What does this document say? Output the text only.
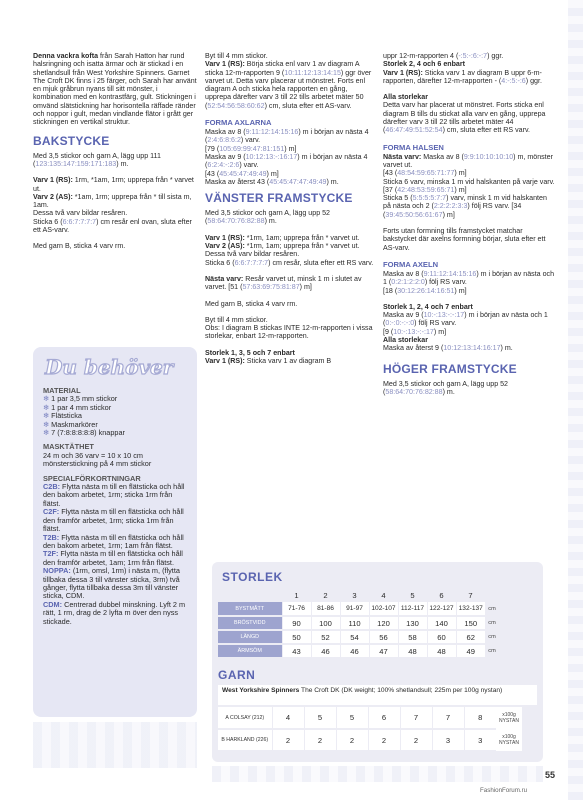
Denna vackra kofta från Sarah Hatton har rund halsringning och isatta ärmar och är stickad i en shetlandsull från West Yorkshire Spinners. Garnet The Croft DK finns i 25 färger, och Sarah har använt en mjuk gråbrun nyans till sitt mönster, i kombination med en kontrastfärg, gult. Stickningen i omvänd slätstickning har horisontella räffade ränder och noppor i gult, medan vindlande flätor i grått ger stickningen en vertikal struktur.
BAKSTYCKE
Med 3,5 stickor och garn A, lägg upp 111 (123:135:147:159:171:183) m.
Varv 1 (RS): 1rm, *1am, 1rm; upprepa från * varvet ut.
Varv 2 (AS): *1am, 1rm; upprepa från * till sista m, 1am.
Dessa två varv bildar resåren.
Sticka 6 (6:6:7:7:7:7) cm resår enl ovan, sluta efter ett AS-varv.
Med garn B, sticka 4 varv rm.
Du behöver
MATERIAL
❄ 1 par 3,5 mm stickor
❄ 1 par 4 mm stickor
❄ Flätsticka
❄ Maskmarkörer
❄ 7 (7:8:8:8:8:8) knappar
MASKTÄTHET
24 m och 36 varv = 10 x 10 cm mönsterstickning på 4 mm stickor
SPECIALFÖRKORTNINGAR
C2B: Flytta nästa m till en flätsticka och håll den bakom arbetet, 1rm; sticka 1rm från flätst.
C2F: Flytta nästa m till en flätsticka och håll den framför arbetet, 1rm; sticka 1rm från flätst.
T2B: Flytta nästa m till en flätsticka och håll den bakom arbetet, 1rm; 1am från flätst.
T2F: Flytta nästa m till en flätsticka och håll den framför arbetet, 1am; 1rm från flätst.
NOPPA: (1rm, omsl, 1rm) i nästa m, (flytta tillbaka dessa 3 till vänster sticka, 3rm) två gånger, flytta tillbaka dessa 3m till vänster sticka, CDM.
CDM: Centrerad dubbel minskning. Lyft 2 m rätt, 1 rm, drag de 2 lyfta m över den nyss stickade.
Byt till 4 mm stickor.
Varv 1 (RS): Börja sticka enl varv 1 av diagram A sticka 12-m-rapporten 9 (10:11:12:13:14:15) ggr över varvet ut. Detta varv placerar ut mönstret. Forts enl diagram A och sticka hela rapporten en gång, upprepa därefter varv 3 till 22 tills arbetet mäter 50 (52:54:56:58:60:62) cm, sluta efter ett AS-varv.
FORMA AXLARNA
Maska av 8 (9:11:12:14:15:16) m i början av nästa 4 (2:4:6:8:6:2) varv.
[79 (105:69:99:47:81:151) m]
Maska av 9 (10:12:13:-:16:17) m i början av nästa 4 (6:2:4:-:2:6) varv.
[43 (45:45:47:49:49) m]
Maska av återst 43 (45:45:47:47:49:49) m.
VÄNSTER FRAMSTYCKE
Med 3,5 stickor och garn A, lägg upp 52 (58:64:70:76:82:88) m.
Varv 1 (RS): *1rm, 1am; upprepa från * varvet ut.
Varv 2 (AS): *1rm, 1am; upprepa från * varvet ut.
Dessa två varv bildar resåren.
Sticka 6 (6:6:7:7:7:7) cm resår, sluta efter ett RS varv.
Nästa varv: Resår varvet ut, minsk 1 m i slutet av varvet. [51 (57:63:69:75:81:87) m]
Med garn B, sticka 4 varv rm.
Byt till 4 mm stickor.
Obs: I diagram B stickas INTE 12-m-rapporten i vissa storlekar, enbart 12-m-rapporten.
Storlek 1, 3, 5 och 7 enbart
Varv 1 (RS): Sticka varv 1 av diagram B
uppr 12-m-rapporten 4 (-:5:-:6:-:7) ggr.
Storlek 2, 4 och 6 enbart
Varv 1 (RS): Sticka varv 1 av diagram B uppr 6-m-rapporten, därefter 12-m-rapporten - (4:-:5:-:6) ggr.
Alla storlekar
Detta varv har placerat ut mönstret. Forts sticka enl diagram B tills du stickat alla varv en gång, upprepa därefter varv 3 till 22 tills arbetet mäter 44 (46:47:49:51:52:54) cm, sluta efter ett RS varv.
FORMA HALSEN
Nästa varv: Maska av 8 (9:9:10:10:10:10) m, mönster varvet ut.
[43 (48:54:59:65:71:77) m]
Sticka 6 varv, minska 1 m vid halskanten på varje varv.
[37 (42:48:53:59:65:71) m]
Sticka 5 (5:5:5:5:7:7) varv, minsk 1 m vid halskanten på nästa och 2 (2:2:2:2:3:3) följ RS varv. [34 (39:45:50:56:61:67) m]
Forts utan formning tills framstycket matchar bakstycket där axelns formning börjar, sluta efter ett AS-varv.
FORMA AXELN
Maska av 8 (9:11:12:14:15:16) m i början av nästa och 1 (0:2:1:2:2:0) följ RS varv.
[18 (30:12:26:14:16:51) m]
Storlek 1, 2, 4 och 7 enbart
Maska av 9 (10:-:13:-:-:17) m i början av nästa och 1 (0:-:0:-:-:0) följ RS varv.
[9 (10:-:13:-:-:17) m]
Alla storlekar
Maska av återst 9 (10:12:13:14:16:17) m.
HÖGER FRAMSTYCKE
Med 3,5 stickor och garn A, lägg upp 52 (58:64:70:76:82:88) m.
STORLEK
	1	2	3	4	5	6	7	
BYSTMÅTT	71-76	81-86	91-97	102-107	112-117	122-127	132-137	cm
BRÖSTVIDD	90	100	110	120	130	140	150	cm
LÄNGD	50	52	54	56	58	60	62	cm
ÄRMSÖM	43	46	46	47	48	48	49	cm
GARN
West Yorkshire Spinners The Croft DK (DK weight; 100% shetlandsull; 225m per 100g nystan)
A COLSAY (212)	4	5	5	6	7	7	8	x100g NYSTAN
B HARKLAND (226)	2	2	2	2	2	3	3	x100g NYSTAN
55
FashionForum.ru
